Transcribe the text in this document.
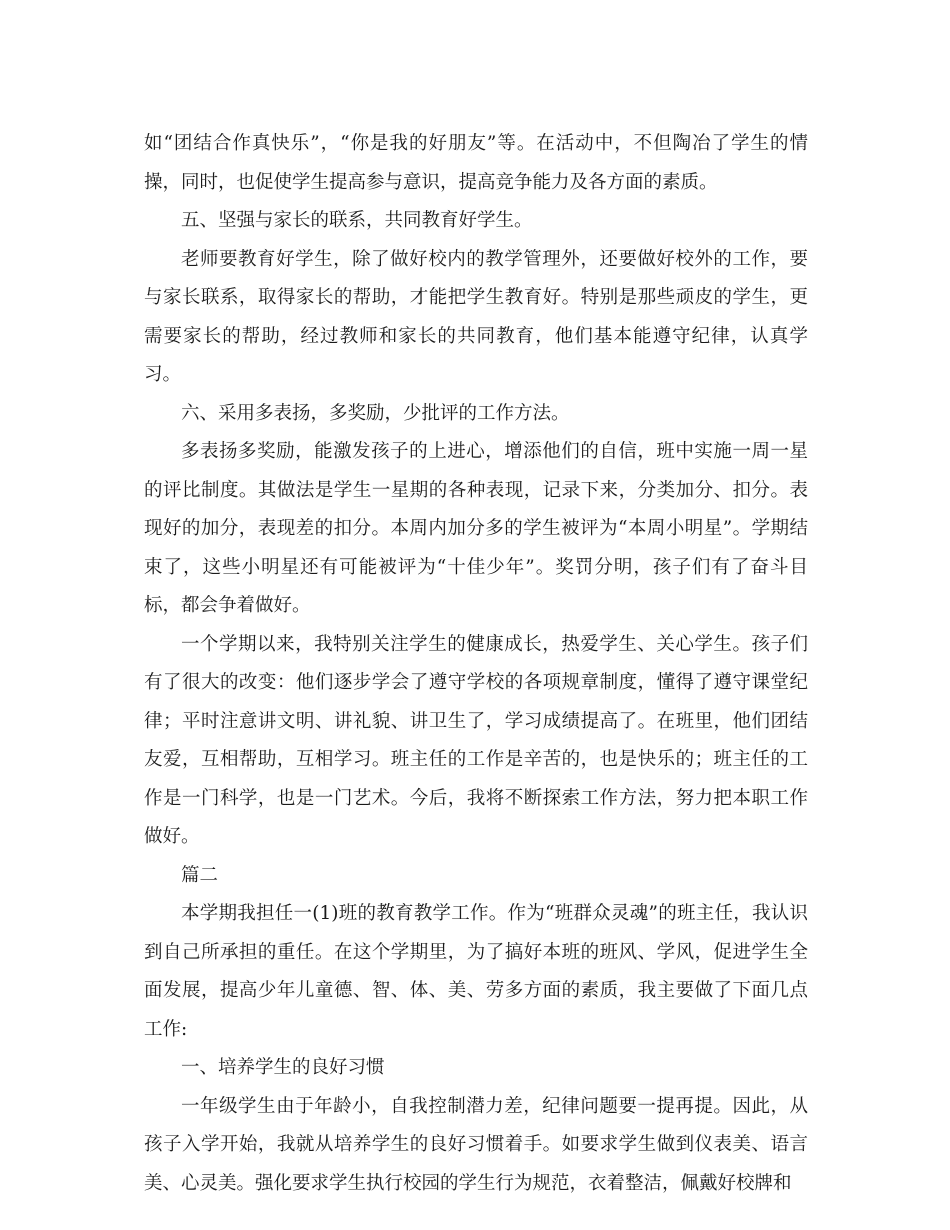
如“团结合作真快乐”，“你是我的好朋友”等。在活动中，不但陶冶了学生的情操，同时，也促使学生提高参与意识，提高竞争能力及各方面的素质。

五、坚强与家长的联系，共同教育好学生。

老师要教育好学生，除了做好校内的教学管理外，还要做好校外的工作，要与家长联系，取得家长的帮助，才能把学生教育好。特别是那些顽皮的学生，更需要家长的帮助，经过教师和家长的共同教育，他们基本能遵守纪律，认真学习。

六、采用多表扬，多奖励，少批评的工作方法。

多表扬多奖励，能激发孩子的上进心，增添他们的自信，班中实施一周一星的评比制度。其做法是学生一星期的各种表现，记录下来，分类加分、扣分。表现好的加分，表现差的扣分。本周内加分多的学生被评为“本周小明星”。学期结束了，这些小明星还有可能被评为“十佳少年”。奖罚分明，孩子们有了奋斗目标，都会争着做好。

一个学期以来，我特别关注学生的健康成长，热爱学生、关心学生。孩子们有了很大的改变：他们逐步学会了遵守学校的各项规章制度，懂得了遵守课堂纪律；平时注意讲文明、讲礼貌、讲卫生了，学习成绩提高了。在班里，他们团结友爱，互相帮助，互相学习。班主任的工作是辛苦的，也是快乐的；班主任的工作是一门科学，也是一门艺术。今后，我将不断探索工作方法，努力把本职工作做好。

篇二

本学期我担任一(1)班的教育教学工作。作为“班群众灵魂”的班主任，我认识到自己所承担的重任。在这个学期里，为了搞好本班的班风、学风，促进学生全面发展，提高少年儿童德、智、体、美、劳多方面的素质，我主要做了下面几点工作:

一、培养学生的良好习惯

一年级学生由于年龄小，自我控制潜力差，纪律问题要一提再提。因此，从孩子入学开始，我就从培养学生的良好习惯着手。如要求学生做到仪表美、语言美、心灵美。强化要求学生执行校园的学生行为规范，衣着整洁，佩戴好校牌和
